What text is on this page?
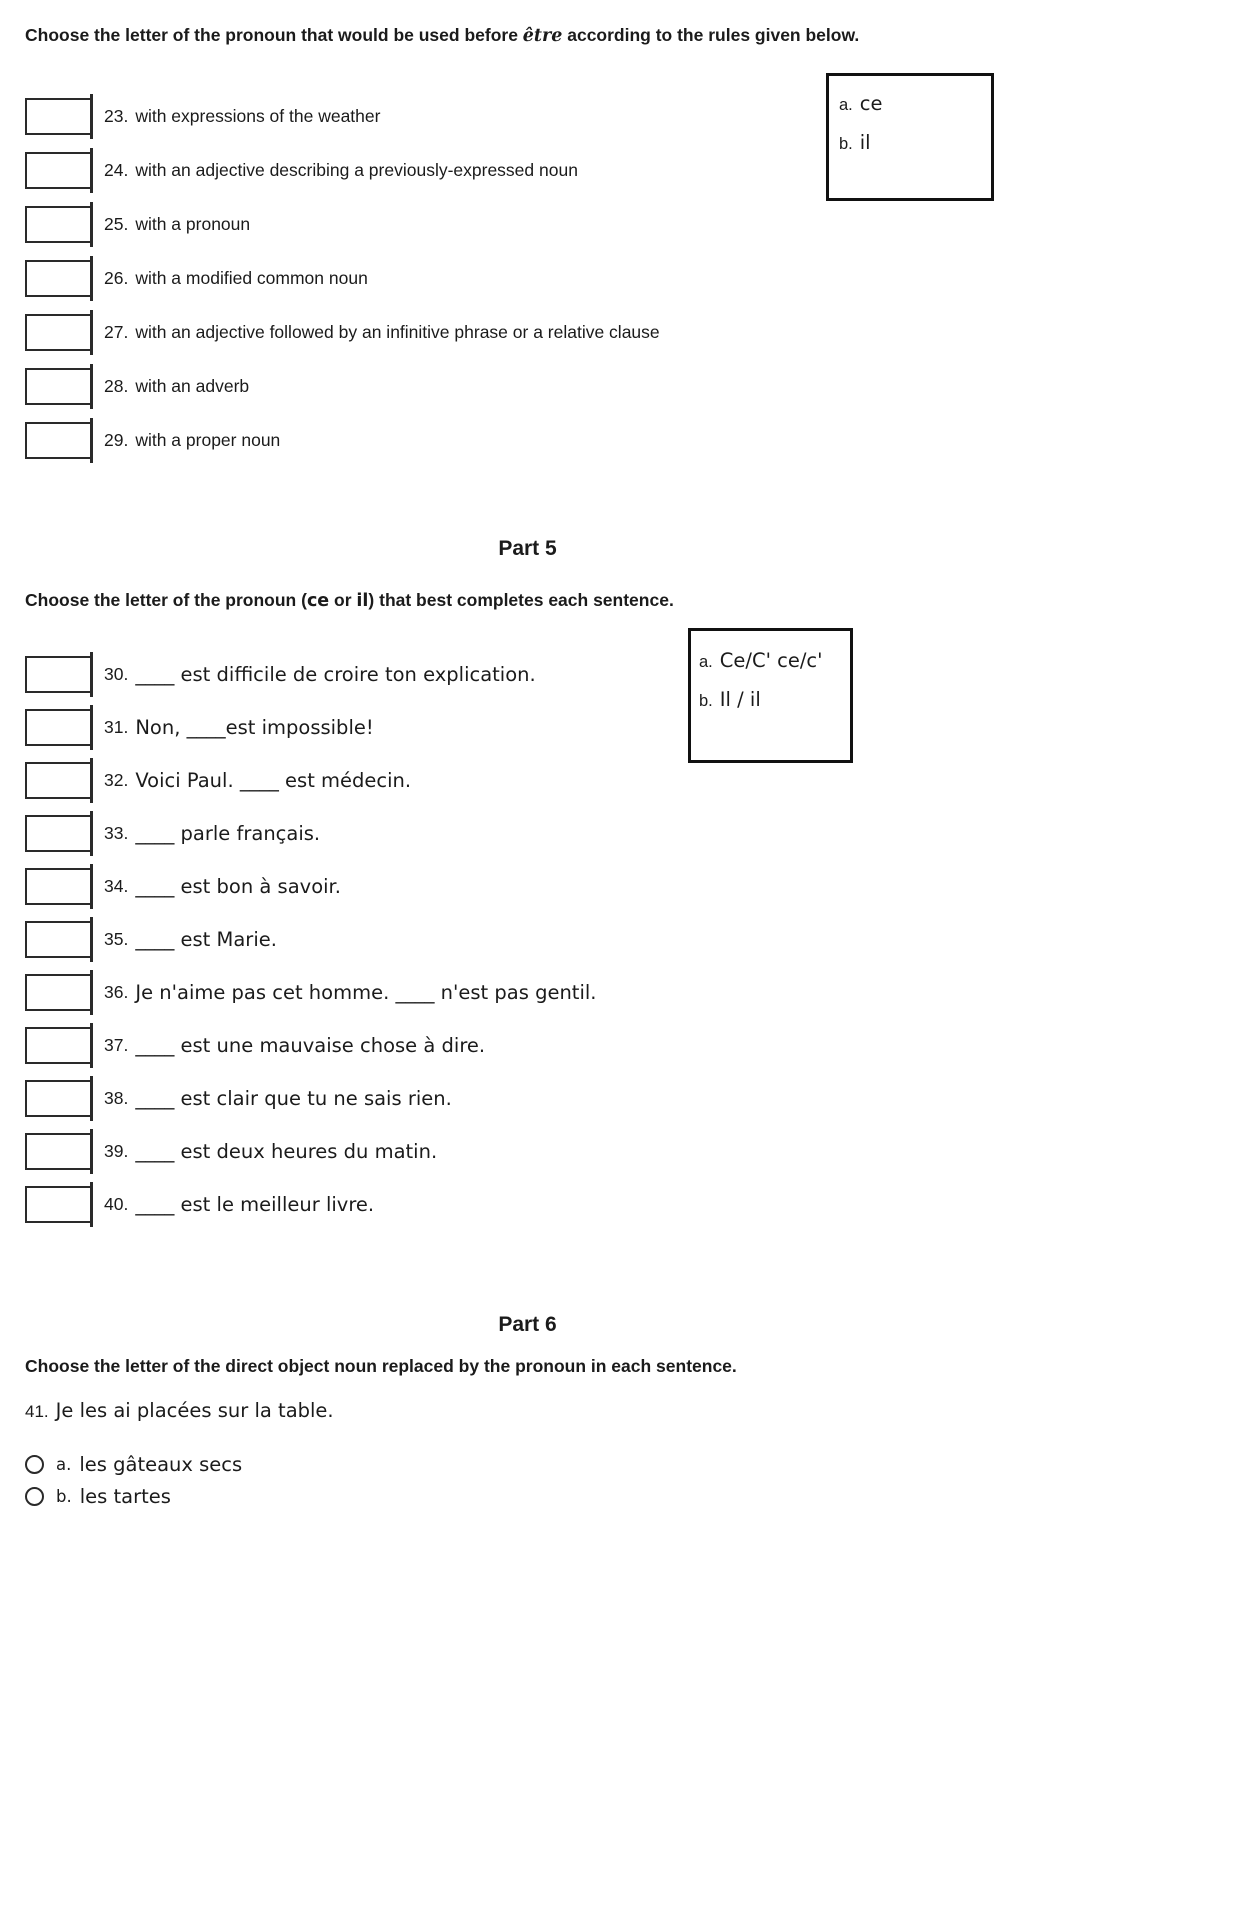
Choose the letter of the pronoun that would be used before être according to the rules given below.
23. with expressions of the weather
24. with an adjective describing a previously-expressed noun
25. with a pronoun
26. with a modified common noun
27. with an adjective followed by an infinitive phrase or a relative clause
28. with an adverb
29. with a proper noun
a. ce
b. il
Part 5
Choose the letter of the pronoun (ce or il) that best completes each sentence.
30. ____ est difficile de croire ton explication.
31. Non, ____est impossible!
32. Voici Paul. ____ est médecin.
33. ____ parle français.
34. ____ est bon à savoir.
35. ____ est Marie.
36. Je n'aime pas cet homme. ____ n'est pas gentil.
37. ____ est une mauvaise chose à dire.
38. ____ est clair que tu ne sais rien.
39. ____ est deux heures du matin.
40. ____ est le meilleur livre.
a. Ce/C' ce/c'
b. Il / il
Part 6
Choose the letter of the direct object noun replaced by the pronoun in each sentence.
41. Je les ai placées sur la table.
a. les gâteaux secs
b. les tartes
